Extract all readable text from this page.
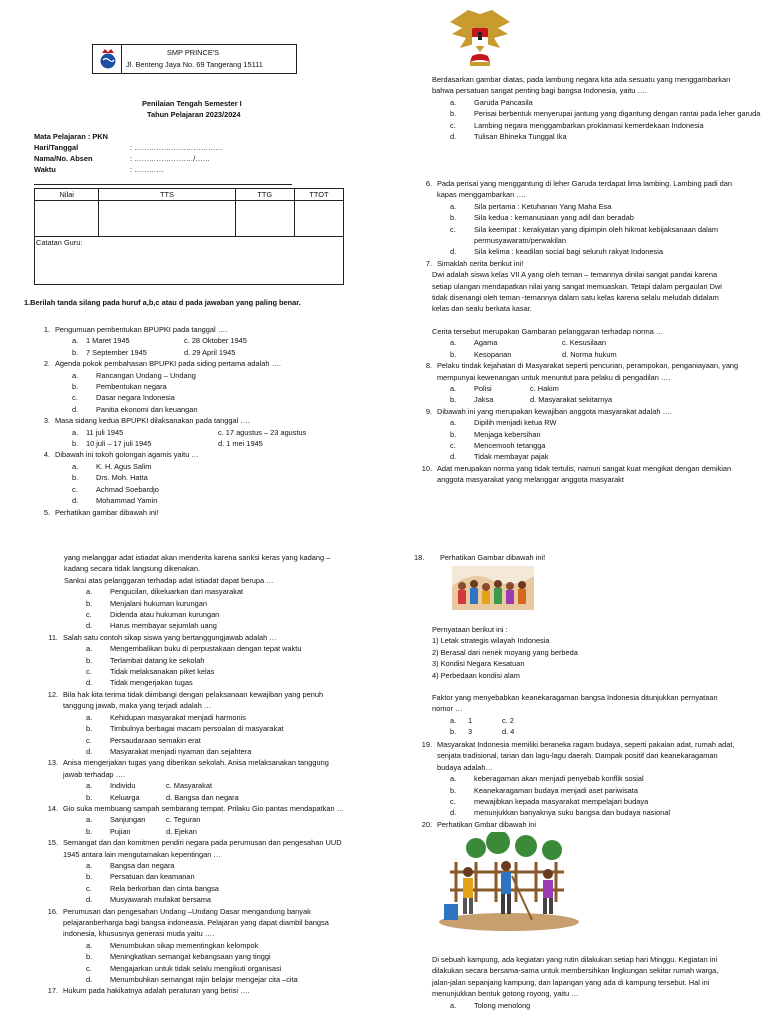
SMP PRINCE'S
Jl. Benteng Jaya No. 69 Tangerang 15111
Penilaian Tengah Semester I
Tahun Pelajaran 2023/2024
Mata Pelajaran : PKN
Hari/Tanggal	: ………………………………
Nama/No. Absen	: ……………………/……
Waktu	: …………
Nilai	TTS	TTG	TTOT

Catatan Guru:			
1.Berilah tanda silang pada huruf a,b,c atau d pada jawaban yang paling benar.
1. Pengumuan pembentukan BPUPKI pada tanggal ….
a.	1 Maret 1945	c. 28 Oktober 1945
b.	7 September 1945	d. 29 April 1945
2. Agenda pokok pembahasan BPUPKI pada siding pertama adalah ….
a.	Rancangan Undang – Undang
b.	Pembentukan negara
c.	Dasar negara Indonesia
d.	Panitia ekonomi dan keuangan
3. Masa sidang kedua BPUPKI dilaksanakan pada tanggal ….
a.	11 juli 1945	c. 17 agustus – 23 agustus
b.	10 juli – 17 juli 1945	d. 1 mei 1945
4. Dibawah ini tokoh golongan agamis yaitu …
a.	K. H. Agus Salim
b.	Drs. Moh. Hatta
c.	Achmad Soebardjo
d.	Mohammad Yamin
5. Perhatikan gambar dibawah ini!
Berdasarkan gambar diatas, pada lambung negara kita ada sesuatu yang menggambarkan bahwa persatuan sangat penting bagi bangsa Indonesia, yaitu ….
a.	Garuda Pancasila
b.	Perisai berbentuk menyerupai jantung yang digantung dengan rantai pada leher garuda
c.	Lambing negara menggambarkan proklamasi kemerdekaan Indonesia
d.	Tulisan Bhineka Tunggal Ika
6. Pada perisai yang menggantung di leher Garuda terdapat lima lambing. Lambing padi dan kapas menggambarkan ….
a.	Sila pertama : Ketuhanan Yang Maha Esa
b.	Sila kedua : kemanusiaan yang adil dan beradab
c.	Sila keempat : kerakyatan yang dipimpin oleh hikmat kebijaksanaan dalam permusyawaratn/perwakilan
d.	Sila kelima : keadilan social bagi seluruh rakyat Indonesia
7. Simaklah cerita berikut ini!
Dwi adalah siswa kelas VII A yang oleh teman – temannya dinilai sangat pandai karena setiap ulangan mendapatkan nilai yang sangat memuaskan. Tetapi dalam pergaulan Dwi tidak disenangi oleh teman -temannya dalam satu kelas karena selalu meludah didalam kelas dan sealu berkata kasar.
Cerita tersebut merupakan Gambaran pelanggaran terhadap norma …
a.	Agama	c. Kesusilaan
b.	Kesopanan	d. Norma hukum
8. Pelaku tindak kejahatan di Masyarakat seperti pencurian, perampokan, penganiayaan, yang mempunyai kewenangan untuk menuntut para pelaku di pengadilan ….
a.	Polisi	c. Hakim
b.	Jaksa	d. Masyarakat sekitarnya
9. Dibawah ini yang merupakan kewajiban anggota masyarakat adalah ….
a.	Dipilih menjadi ketua RW
b.	Menjaga kebersihan
c.	Mencemooh tetangga
d.	Tidak membayar pajak
10. Adat merupakan norma yang tidak tertulis, namun sangat kuat mengikat dengan demikian anggota masyarakat yang melanggar anggota masyarakt
yang melanggar adat istiadat akan menderita karena sanksi keras yang kadang – kadang secara tidak langsung dikenakan.
Sanksi atas pelanggaran terhadap adat istiadat dapat berupa …
a.	Pengucilan, dikeluarkan dari masyarakat
b.	Menjalani hukuman kurungan
c.	Didenda atau hukuman kurungan
d.	Harus membayar sejumlah uang
11. Salah satu contoh sikap siswa yang bertanggungjawab adalah …
a.	Mengembalikan buku di perpustakaan dengan tepat waktu
b.	Terlambat datang ke sekolah
c.	Tidak melaksanakan piket kelas
d.	Tidak mengerjakan tugas
12. Bila hak kita terima tidak diimbangi dengan pelaksanaan kewajiban yang penuh tanggung jawab, maka yang terjadi adalah …
a.	Kehidupan masyarakat menjadi harmonis
b.	Timbulnya berbagai macam persoalan di masyarakat
c.	Persaudaraan semakin erat
d.	Masyarakat menjadi nyaman dan sejahtera
13. Anisa mengerjakan tugas yang diberikan sekolah. Anisa melaksanakan tanggung jawab terhadap ….
a.	Individu	c. Masyarakat
b.	Keluarga	d. Bangsa dan negara
14. Gio suka membuang sampah sembarang tempat. Prilaku Gio pantas mendapatkan …
a.	Sanjungan	c. Teguran
b.	Pujian	d. Ejekan
15. Semangat dan dan komitmen pendiri negara pada perumusan dan pengesahan UUD 1945 antara lain mengutamakan kepentingan …
a.	Bangsa dan negara
b.	Persatuan dan keamanan
c.	Rela berkorban dan cinta bangsa
d.	Musyawarah mufakat bersama
16. Perumusan dan pengesahan Undang –Undang Dasar mengandung banyak pelajaranberharga bagi bangsa indoneasia. Pelajaran yang dapat diambil bangsa indonesia, khususnya generasi muda yaitu ….
a.	Menumbukan sikap mementingkan kelompok
b.	Meningkatkan semangat kebangsaan yang tinggi
c.	Mengajarkan untuk tidak selalu mengikuti organisasi
d.	Menumbuhkan semangat rajin belajar mengejar cita –cita
17. Hukum pada hakikatnya adalah peraturan yang berisi ….
18.	Perhatikan Gambar dibawah ini!
Pernyataan berikut ini :
1) Letak strategis wilayah Indonesia
2) Berasal dari nenek moyang yang berbeda
3) Kondisi Negara Kesatuan
4) Perbedaan kondisi alam
Faktor yang menyebabkan keanekaragaman bangsa Indonesia ditunjukkan pernyataan nomor …
a.	1	c. 2
b.	3	d. 4
19. Masyarakat Indonesia memiliki beraneka ragam budaya, seperti pakaian adat, rumah adat, senjata tradisional, tarian dan lagu-lagu daerah. Dampak positif dari keanekaragaman budaya adalah…
a.	keberagaman akan menjadi penyebab konflik sosial
b.	Keanekaragaman budaya menjadi aset pariwisata
c.	mewajibkan kepada masyarakat mempelajari budaya
d.	menunjukkan banyaknya suku bangsa dan budaya nasional
20. Perhatikan Gmbar dibawah ini
Di sebuah kampung, ada kegiatan yang rutin dilakukan setiap hari Minggu. Kegiatan ini dilakukan secara bersama-sama untuk membersihkan lingkungan sekitar rumah warga, jalan-jalan sepanjang kampung, dan lapangan yang ada di kampung tersebut. Hal ini menunjukkan bentuk gotong royong, yaitu …
a.	Tolong menolong
